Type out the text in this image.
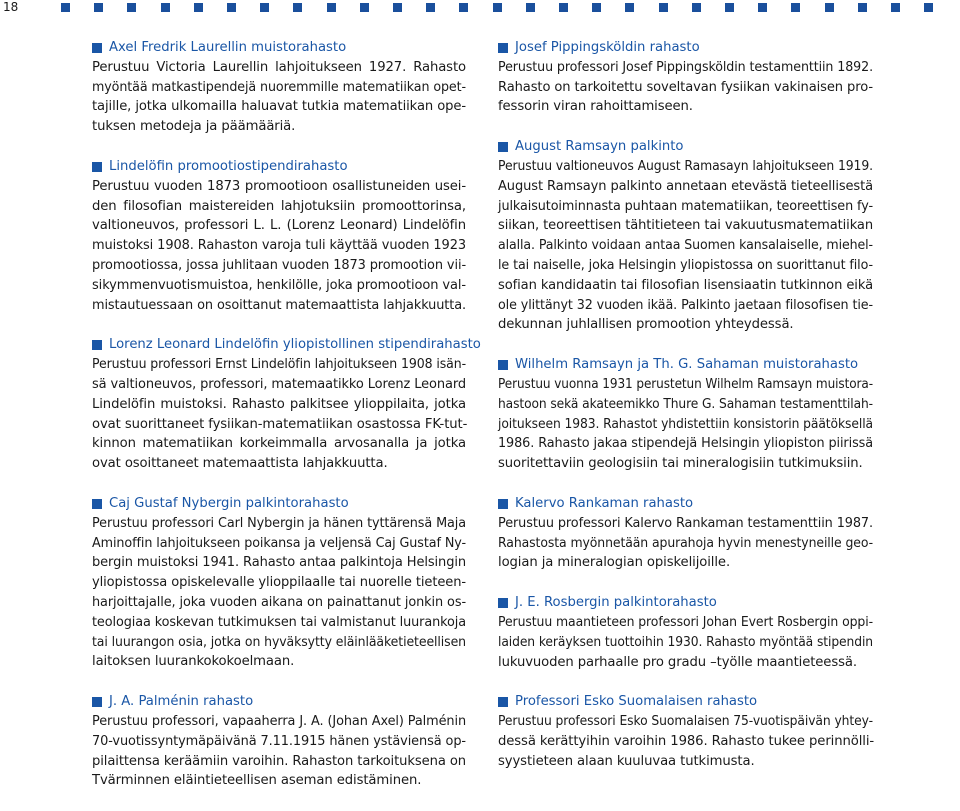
18
Axel Fredrik Laurellin muistorahasto
Perustuu Victoria Laurellin lahjoitukseen 1927. Rahasto
myöntää matkastipendejä nuoremmille matematiikan opet-
tajille, jotka ulkomailla haluavat tutkia matematiikan ope-
tuksen metodeja ja päämääriä.
Lindelöfin promootiostipendirahasto
Perustuu vuoden 1873 promootioon osallistuneiden usei-
den filosofian maistereiden lahjotuksiin promoottorinsa,
valtioneuvos, professori L. L. (Lorenz Leonard) Lindelöfin
muistoksi 1908. Rahaston varoja tuli käyttää vuoden 1923
promootiossa, jossa juhlitaan vuoden 1873 promootion vii-
sikymmenvuotismuistoa, henkilölle, joka promootioon val-
mistautuessaan on osoittanut matemaattista lahjakkuutta.
Lorenz Leonard Lindelöfin yliopistollinen stipendirahasto
Perustuu professori Ernst Lindelöfin lahjoitukseen 1908 isän-
sä valtioneuvos, professori, matemaatikko Lorenz Leonard
Lindelöfin muistoksi. Rahasto palkitsee ylioppilaita, jotka
ovat suorittaneet fysiikan-matematiikan osastossa FK-tut-
kinnon matematiikan korkeimmalla arvosanalla ja jotka
ovat osoittaneet matemaattista lahjakkuutta.
Caj Gustaf Nybergin palkintorahasto
Perustuu professori Carl Nybergin ja hänen tyttärensä Maja
Aminoffin lahjoitukseen poikansa ja veljensä Caj Gustaf Ny-
bergin muistoksi 1941. Rahasto antaa palkintoja Helsingin
yliopistossa opiskelevalle ylioppilaalle tai nuorelle tieteen-
harjoittajalle, joka vuoden aikana on painattanut jonkin os-
teologiaa koskevan tutkimuksen tai valmistanut luurankoja
tai luurangon osia, jotka on hyväksytty eläinlääketieteellisen
laitoksen luurankokokoelmaan.
J. A. Palménin rahasto
Perustuu professori, vapaaherra J. A. (Johan Axel) Palménin
70-vuotissyntymäpäivänä 7.11.1915 hänen ystäviensä op-
pilaittensa keräämiin varoihin. Rahaston tarkoituksena on
Tvärminnen eläintieteellisen aseman edistäminen.
Josef Pippingsköldin rahasto
Perustuu professori Josef Pippingsköldin testamenttiin 1892.
Rahasto on tarkoitettu soveltavan fysiikan vakinaisen pro-
fessorin viran rahoittamiseen.
August Ramsayn palkinto
Perustuu valtioneuvos August Ramasayn lahjoitukseen 1919.
August Ramsayn palkinto annetaan etevästä tieteellisestä
julkaisutoiminnasta puhtaan matematiikan, teoreettisen fy-
siikan, teoreettisen tähtitieteen tai vakuutusmatematiikan
alalla. Palkinto voidaan antaa Suomen kansalaiselle, miehel-
le tai naiselle, joka Helsingin yliopistossa on suorittanut filo-
sofian kandidaatin tai filosofian lisensiaatin tutkinnon eikä
ole ylittänyt 32 vuoden ikää. Palkinto jaetaan filosofisen tie-
dekunnan juhlallisen promootion yhteydessä.
Wilhelm Ramsayn ja Th. G. Sahaman muistorahasto
Perustuu vuonna 1931 perustetun Wilhelm Ramsayn muistora-
hastoon sekä akateemikko Thure G. Sahaman testamenttilah-
joitukseen 1983. Rahastot yhdistettiin konsistorin päätöksellä
1986. Rahasto jakaa stipendejä Helsingin yliopiston piirissä
suoritettaviin geologisiin tai mineralogisiin tutkimuksiin.
Kalervo Rankaman rahasto
Perustuu professori Kalervo Rankaman testamenttiin 1987.
Rahastosta myönnetään apurahoja hyvin menestyneille geo-
logian ja mineralogian opiskelijoille.
J. E. Rosbergin palkintorahasto
Perustuu maantieteen professori Johan Evert Rosbergin oppi-
laiden keräyksen tuottoihin 1930. Rahasto myöntää stipendin
lukuvuoden parhaalle pro gradu –työlle maantieteessä.
Professori Esko Suomalaisen rahasto
Perustuu professori Esko Suomalaisen 75-vuotispäivän yhtey-
dessä kerättyihin varoihin 1986. Rahasto tukee perinnölli-
syystieteen alaan kuuluvaa tutkimusta.
